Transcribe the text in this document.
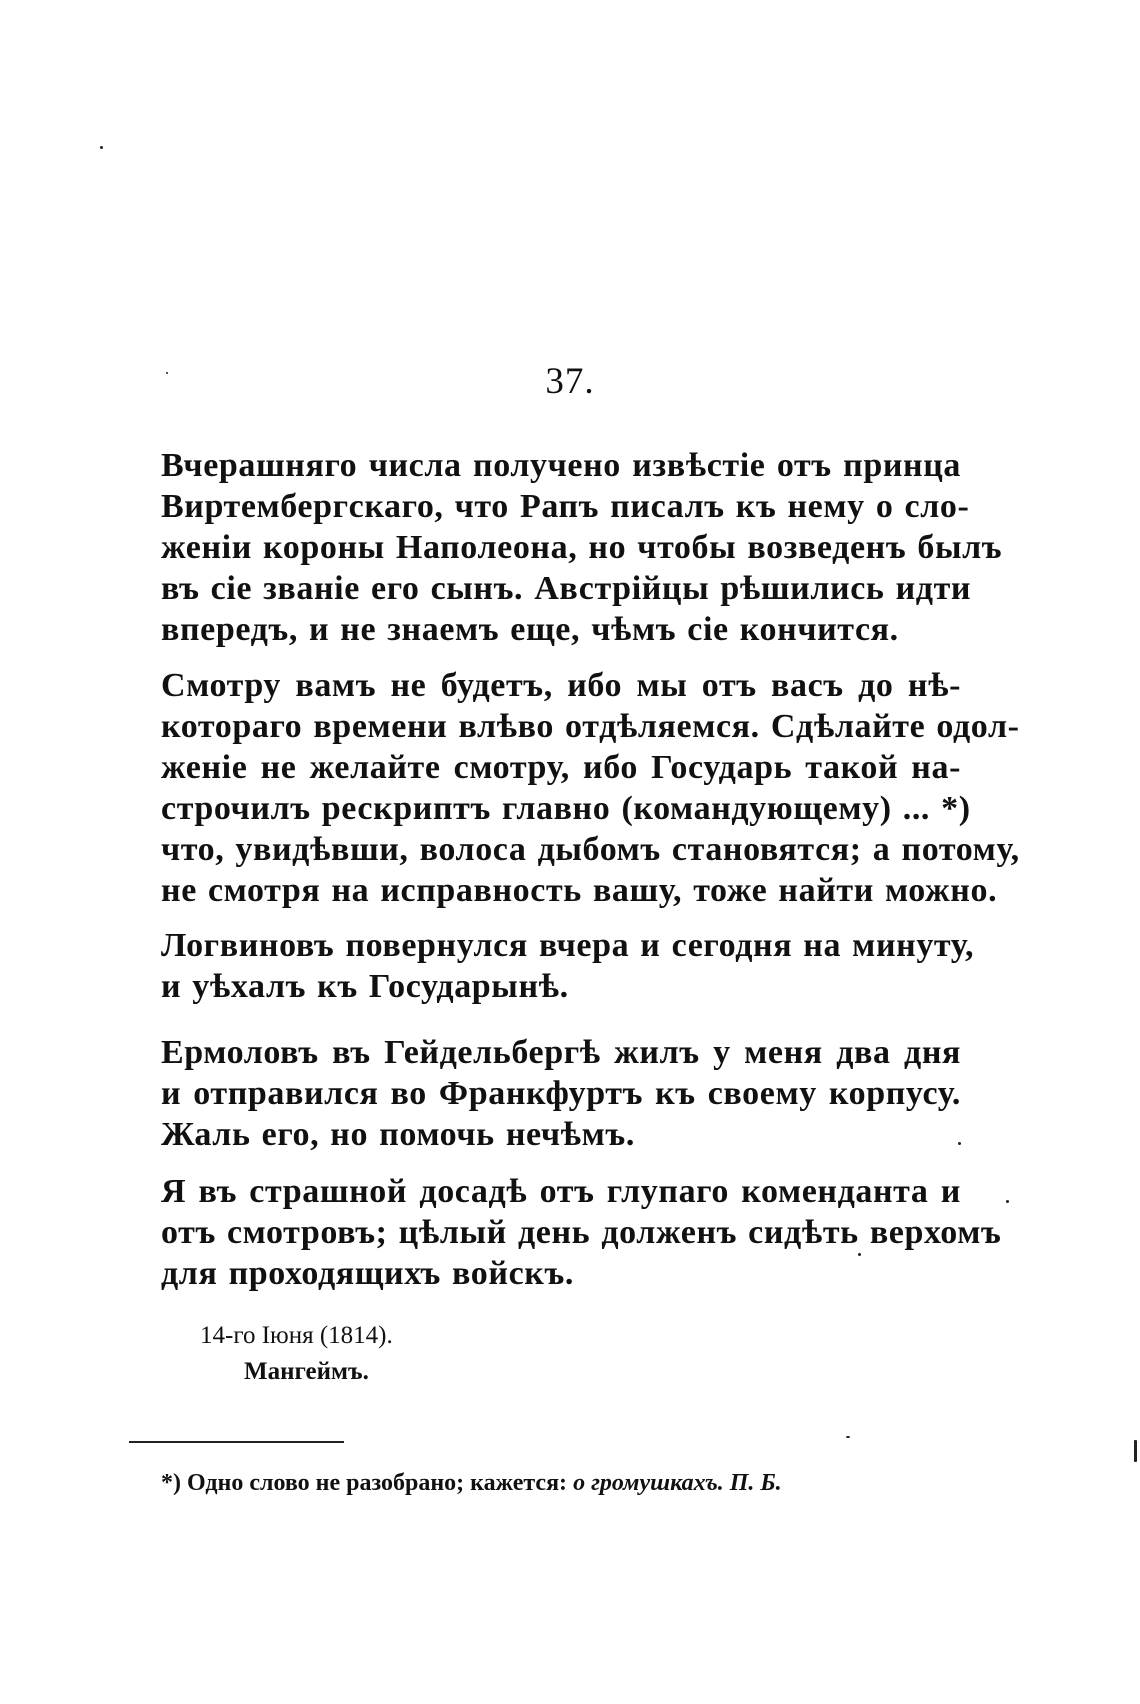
37.
Вчерашняго числа получено извѣстіе отъ принца
Виртембергскаго, что Рапъ писалъ къ нему о сло-
женіи короны Наполеона, но чтобы возведенъ былъ
въ сіе званіе его сынъ. Австрійцы рѣшились идти
впередъ, и не знаемъ еще, чѣмъ сіе кончится.
Смотру вамъ не будетъ, ибо мы отъ васъ до нѣ-
котораго времени влѣво отдѣляемся. Сдѣлайте одол-
женіе не желайте смотру, ибо Государь такой на-
строчилъ рескриптъ главно (командующему) ... *)
что, увидѣвши, волоса дыбомъ становятся; а потому,
не смотря на исправность вашу, тоже найти можно.
Логвиновъ повернулся вчера и сегодня на минуту,
и уѣхалъ къ Государынѣ.
Ермоловъ въ Гейдельбергѣ жилъ у меня два дня
и отправился во Франкфуртъ къ своему корпусу.
Жаль его, но помочь нечѣмъ.
Я въ страшной досадѣ отъ глупаго коменданта и
отъ смотровъ; цѣлый день долженъ сидѣть верхомъ
для проходящихъ войскъ.
14-го Іюня (1814).
Мангеймъ.
*) Одно слово не разобрано; кажется: о громушкахъ. П. Б.
